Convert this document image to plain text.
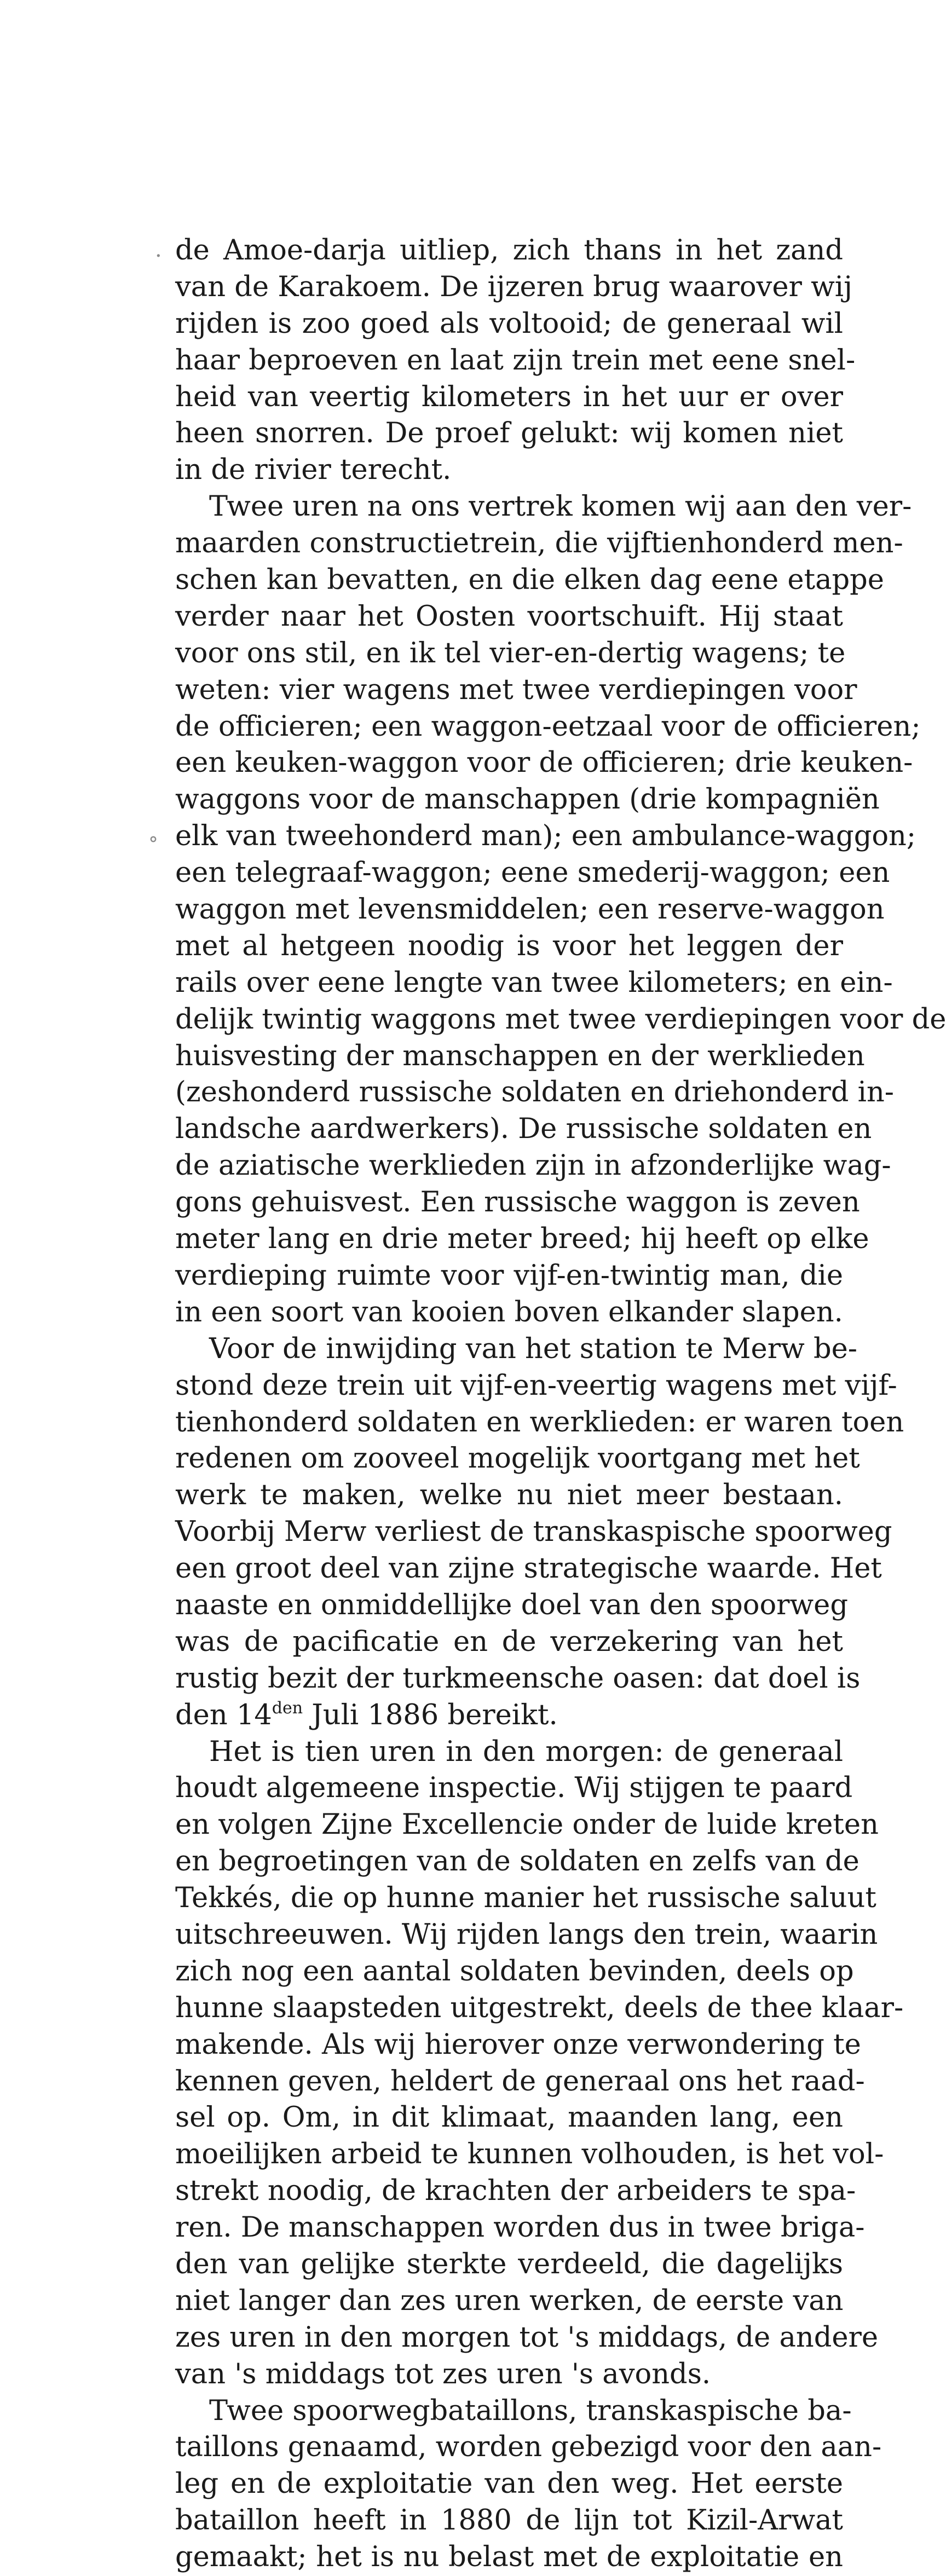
·
˚
de Amoe-darja uitliep, zich thans in het zand
van de Karakoem. De ijzeren brug waarover wij
rijden is zoo goed als voltooid; de generaal wil
haar beproeven en laat zijn trein met eene snel-
heid van veertig kilometers in het uur er over
heen snorren. De proef gelukt: wij komen niet
in de rivier terecht.
Twee uren na ons vertrek komen wij aan den ver-
maarden constructietrein, die vijftienhonderd men-
schen kan bevatten, en die elken dag eene etappe
verder naar het Oosten voortschuift. Hij staat
voor ons stil, en ik tel vier-en-dertig wagens; te
weten: vier wagens met twee verdiepingen voor
de officieren; een waggon-eetzaal voor de officieren;
een keuken-waggon voor de officieren; drie keuken-
waggons voor de manschappen (drie kompagniën
elk van tweehonderd man); een ambulance-waggon;
een telegraaf-waggon; eene smederij-waggon; een
waggon met levensmiddelen; een reserve-waggon
met al hetgeen noodig is voor het leggen der
rails over eene lengte van twee kilometers; en ein-
delijk twintig waggons met twee verdiepingen voor de
huisvesting der manschappen en der werklieden
(zeshonderd russische soldaten en driehonderd in-
landsche aardwerkers). De russische soldaten en
de aziatische werklieden zijn in afzonderlijke wag-
gons gehuisvest. Een russische waggon is zeven
meter lang en drie meter breed; hij heeft op elke
verdieping ruimte voor vijf-en-twintig man, die
in een soort van kooien boven elkander slapen.
Voor de inwijding van het station te Merw be-
stond deze trein uit vijf-en-veertig wagens met vijf-
tienhonderd soldaten en werklieden: er waren toen
redenen om zooveel mogelijk voortgang met het
werk te maken, welke nu niet meer bestaan.
Voorbij Merw verliest de transkaspische spoorweg
een groot deel van zijne strategische waarde. Het
naaste en onmiddellijke doel van den spoorweg
was de pacificatie en de verzekering van het
rustig bezit der turkmeensche oasen: dat doel is
den $14^{den}$ Juli 1886 bereikt.
Het is tien uren in den morgen: de generaal
houdt algemeene inspectie. Wij stijgen te paard
en volgen Zijne Excellencie onder de luide kreten
en begroetingen van de soldaten en zelfs van de
Tekkés, die op hunne manier het russische saluut
uitschreeuwen. Wij rijden langs den trein, waarin
zich nog een aantal soldaten bevinden, deels op
hunne slaapsteden uitgestrekt, deels de thee klaar-
makende. Als wij hierover onze verwondering te
kennen geven, heldert de generaal ons het raad-
sel op. Om, in dit klimaat, maanden lang, een
moeilijken arbeid te kunnen volhouden, is het vol-
strekt noodig, de krachten der arbeiders te spa-
ren. De manschappen worden dus in twee briga-
den van gelijke sterkte verdeeld, die dagelijks
niet langer dan zes uren werken, de eerste van
zes uren in den morgen tot 's middags, de andere
van 's middags tot zes uren 's avonds.
Twee spoorwegbataillons, transkaspische ba-
taillons genaamd, worden gebezigd voor den aan-
leg en de exploitatie van den weg. Het eerste
bataillon heeft in 1880 de lijn tot Kizil-Arwat
gemaakt; het is nu belast met de exploitatie en
